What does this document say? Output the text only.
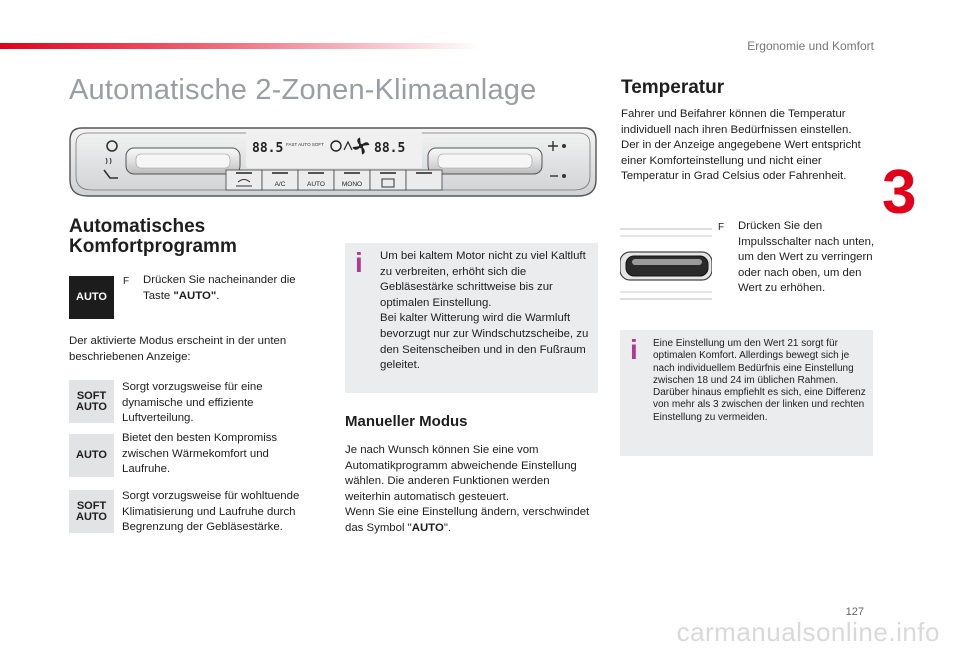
Ergonomie und Komfort
3
Automatische 2-Zonen-Klimaanlage
88.5 FAST AUTO SOFT	88.5
A/C	AUTO	MONO
Automatisches
Komfortprogramm
AUTO
F	Drücken Sie nacheinander die Taste "AUTO".
Der aktivierte Modus erscheint in der unten beschriebenen Anzeige:
SOFT
AUTO
Sorgt vorzugsweise für eine dynamische und effiziente Luftverteilung.
AUTO
Bietet den besten Kompromiss zwischen Wärmekomfort und Laufruhe.
SOFT
AUTO
Sorgt vorzugsweise für wohltuende Klimatisierung und Laufruhe durch Begrenzung der Gebläsestärke.
i Um bei kaltem Motor nicht zu viel Kaltluft zu verbreiten, erhöht sich die Gebläsestärke schrittweise bis zur optimalen Einstellung.
Bei kalter Witterung wird die Warmluft bevorzugt nur zur Windschutzscheibe, zu den Seitenscheiben und in den Fußraum geleitet.
Manueller Modus
Je nach Wunsch können Sie eine vom Automatikprogramm abweichende Einstellung wählen. Die anderen Funktionen werden weiterhin automatisch gesteuert.
Wenn Sie eine Einstellung ändern, verschwindet das Symbol "AUTO".
Temperatur
Fahrer und Beifahrer können die Temperatur individuell nach ihren Bedürfnissen einstellen. Der in der Anzeige angegebene Wert entspricht einer Komforteinstellung und nicht einer Temperatur in Grad Celsius oder Fahrenheit.
F	Drücken Sie den Impulsschalter nach unten, um den Wert zu verringern oder nach oben, um den Wert zu erhöhen.
i Eine Einstellung um den Wert 21 sorgt für optimalen Komfort. Allerdings bewegt sich je nach individuellem Bedürfnis eine Einstellung zwischen 18 und 24 im üblichen Rahmen.
Darüber hinaus empfiehlt es sich, eine Differenz von mehr als 3 zwischen der linken und rechten Einstellung zu vermeiden.
127
carmanualsonline.info
